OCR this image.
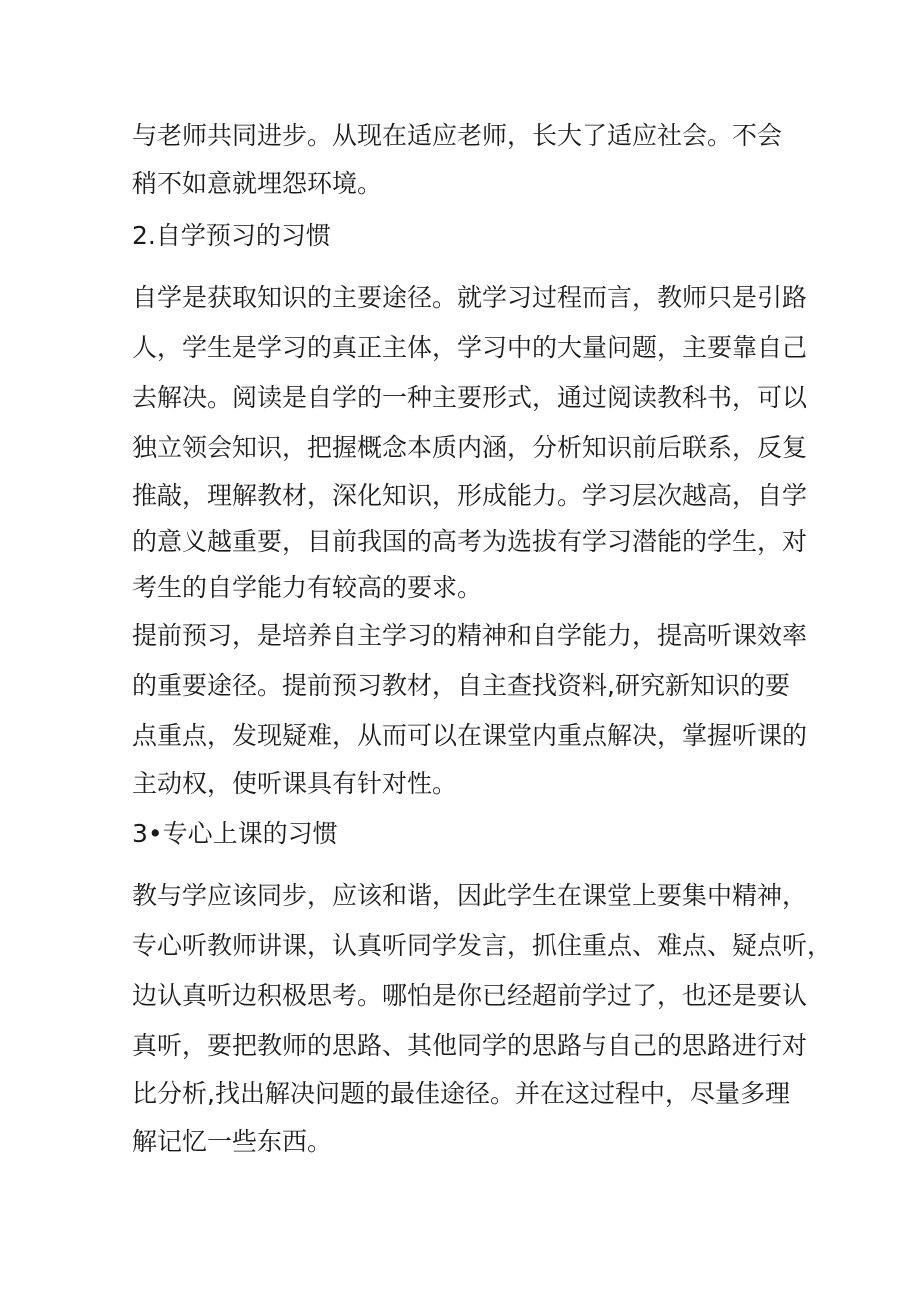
与老师共同进步。从现在适应老师，长大了适应社会。不会
稍不如意就埋怨环境。
2.自学预习的习惯
自学是获取知识的主要途径。就学习过程而言，教师只是引路
人，学生是学习的真正主体，学习中的大量问题，主要靠自己
去解决。阅读是自学的一种主要形式，通过阅读教科书，可以
独立领会知识，把握概念本质内涵，分析知识前后联系，反复
推敲，理解教材，深化知识，形成能力。学习层次越高，自学
的意义越重要，目前我国的高考为选拔有学习潜能的学生，对
考生的自学能力有较高的要求。
提前预习，是培养自主学习的精神和自学能力，提高听课效率
的重要途径。提前预习教材，自主查找资料,研究新知识的要
点重点，发现疑难，从而可以在课堂内重点解决，掌握听课的
主动权，使听课具有针对性。
3•专心上课的习惯
教与学应该同步，应该和谐，因此学生在课堂上要集中精神，
专心听教师讲课，认真听同学发言，抓住重点、难点、疑点听，
边认真听边积极思考。哪怕是你已经超前学过了，也还是要认
真听，要把教师的思路、其他同学的思路与自己的思路进行对
比分析,找出解决问题的最佳途径。并在这过程中，尽量多理
解记忆一些东西。
